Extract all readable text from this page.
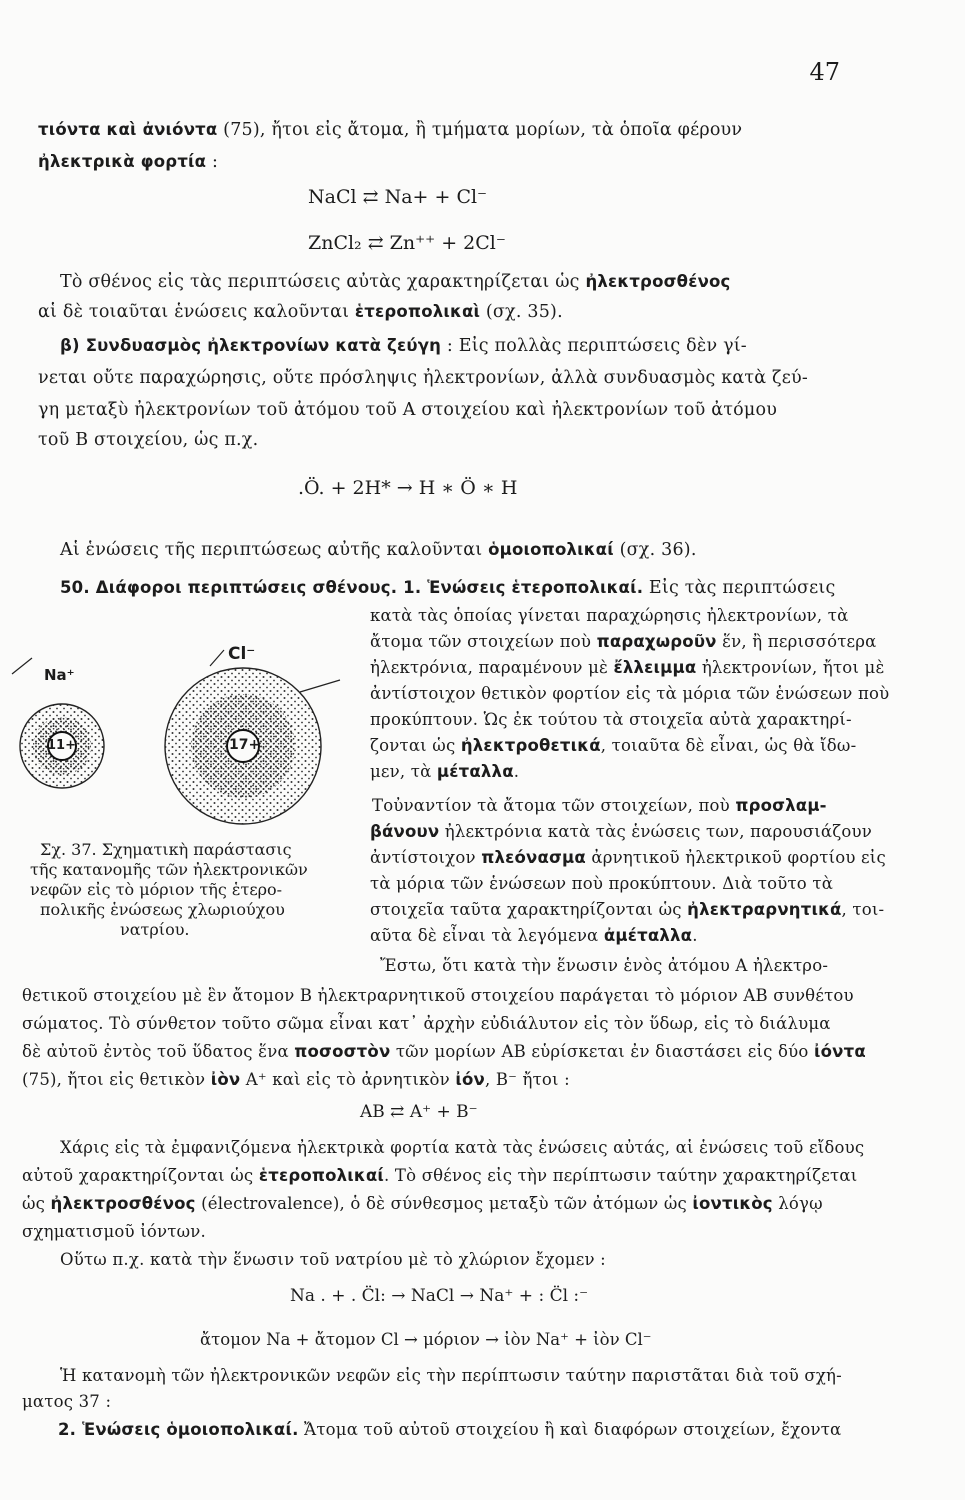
47
τιόντα καὶ ἀνιόντα (75), ἤτοι εἰς ἄτομα, ἢ τμήματα μορίων, τὰ ὁποῖα φέρουν
ἠλεκτρικὰ φορτία :
NaCl ⇄ Na+ + Cl⁻
ZnCl₂ ⇄ Zn⁺⁺ + 2Cl⁻
Τὸ σθένος εἰς τὰς περιπτώσεις αὐτὰς χαρακτηρίζεται ὡς ἠλεκτροσθένος
αἱ δὲ τοιαῦται ἑνώσεις καλοῦνται ἑτεροπολικαὶ (σχ. 35).
β) Συνδυασμὸς ἠλεκτρονίων κατὰ ζεύγη : Εἰς πολλὰς περιπτώσεις δὲν γί-
νεται οὔτε παραχώρησις, οὔτε πρόσληψις ἠλεκτρονίων, ἀλλὰ συνδυασμὸς κατὰ ζεύ-
γη μεταξὺ ἠλεκτρονίων τοῦ ἀτόμου τοῦ Α στοιχείου καὶ ἠλεκτρονίων τοῦ ἀτόμου
τοῦ Β στοιχείου, ὡς π.χ.
.Ö. + 2H* → H ∗ Ö ∗ H
Αἱ ἑνώσεις τῆς περιπτώσεως αὐτῆς καλοῦνται ὁμοιοπολικαί (σχ. 36).
50. Διάφοροι περιπτώσεις σθένους. 1. Ἑνώσεις ἑτεροπολικαί. Εἰς τὰς περιπτώσεις
κατὰ τὰς ὁποίας γίνεται παραχώρησις ἠλεκτρονίων, τὰ
ἄτομα τῶν στοιχείων ποὺ παραχωροῦν ἕν, ἢ περισσότερα
ἠλεκτρόνια, παραμένουν μὲ ἔλλειμμα ἠλεκτρονίων, ἤτοι μὲ
ἀντίστοιχον θετικὸν φορτίον εἰς τὰ μόρια τῶν ἑνώσεων ποὺ
προκύπτουν. Ὡς ἐκ τούτου τὰ στοιχεῖα αὐτὰ χαρακτηρί-
ζονται ὡς ἠλεκτροθετικά, τοιαῦτα δὲ εἶναι, ὡς θὰ ἴδω-
μεν, τὰ μέταλλα.
Τοὐναντίον τὰ ἄτομα τῶν στοιχείων, ποὺ προσλαμ-
βάνουν ἠλεκτρόνια κατὰ τὰς ἑνώσεις των, παρουσιάζουν
ἀντίστοιχον πλεόνασμα ἀρνητικοῦ ἠλεκτρικοῦ φορτίου εἰς
τὰ μόρια τῶν ἑνώσεων ποὺ προκύπτουν. Διὰ τοῦτο τὰ
στοιχεῖα ταῦτα χαρακτηρίζονται ὡς ἠλεκτραρνητικά, τοι-
αῦτα δὲ εἶναι τὰ λεγόμενα ἀμέταλλα.
Ἔστω, ὅτι κατὰ τὴν ἕνωσιν ἑνὸς ἀτόμου Α ἠλεκτρο-
Na⁺
Cl⁻
11+	17+
Σχ. 37. Σχηματικὴ παράστασις
τῆς κατανομῆς τῶν ἠλεκτρονικῶν
νεφῶν εἰς τὸ μόριον τῆς ἑτερο-
πολικῆς ἑνώσεως χλωριούχου
νατρίου.
θετικοῦ στοιχείου μὲ ἓν ἄτομον Β ἠλεκτραρνητικοῦ στοιχείου παράγεται τὸ μόριον ΑΒ συνθέτου
σώματος. Τὸ σύνθετον τοῦτο σῶμα εἶναι κατ᾽ ἀρχὴν εὐδιάλυτον εἰς τὸν ὕδωρ, εἰς τὸ διάλυμα
δὲ αὐτοῦ ἐντὸς τοῦ ὕδατος ἕνα ποσοστὸν τῶν μορίων ΑΒ εὑρίσκεται ἐν διαστάσει εἰς δύο ἰόντα
(75), ἤτοι εἰς θετικὸν ἰὸν Α⁺ καὶ εἰς τὸ ἀρνητικὸν ἰόν, Β⁻ ἤτοι :
ΑΒ ⇄ Α⁺ + Β⁻
Χάρις εἰς τὰ ἐμφανιζόμενα ἠλεκτρικὰ φορτία κατὰ τὰς ἑνώσεις αὐτάς, αἱ ἑνώσεις τοῦ εἴδους
αὐτοῦ χαρακτηρίζονται ὡς ἑτεροπολικαί. Τὸ σθένος εἰς τὴν περίπτωσιν ταύτην χαρακτηρίζεται
ὡς ἠλεκτροσθένος (électrovalence), ὁ δὲ σύνθεσμος μεταξὺ τῶν ἀτόμων ὡς ἰοντικὸς λόγῳ
σχηματισμοῦ ἰόντων.
Οὕτω π.χ. κατὰ τὴν ἕνωσιν τοῦ νατρίου μὲ τὸ χλώριον ἔχομεν :
Na . + . C̈l: → NaCl → Na⁺ + : C̈l :⁻
ἄτομον Na + ἄτομον Cl → μόριον → ἰὸν Na⁺ + ἰὸν Cl⁻
Ἡ κατανομὴ τῶν ἠλεκτρονικῶν νεφῶν εἰς τὴν περίπτωσιν ταύτην παριστᾶται διὰ τοῦ σχή-
ματος 37 :
2. Ἑνώσεις ὁμοιοπολικαί. Ἄτομα τοῦ αὐτοῦ στοιχείου ἢ καὶ διαφόρων στοιχείων, ἔχοντα
